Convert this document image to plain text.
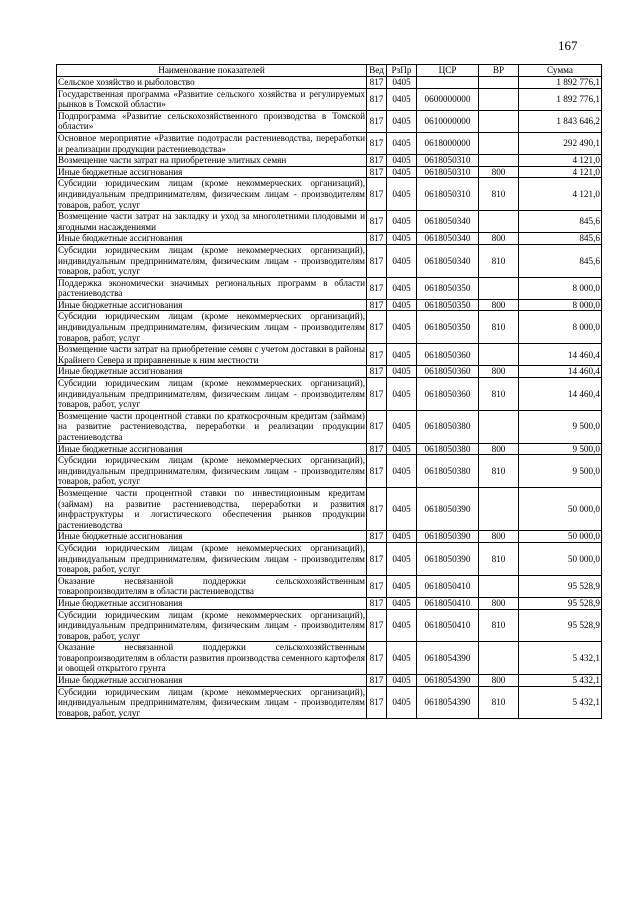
167
Наименование показателей	Вед	РзПр	ЦСР	ВР	Сумма
Сельское хозяйство и рыболовство	817	0405			1 892 776,1
Государственная программа «Развитие сельского хозяйства и регулируемых рынков в Томской области»	817	0405	0600000000		1 892 776,1
Подпрограмма «Развитие сельскохозяйственного производства в Томской области»	817	0405	0610000000		1 843 646,2
Основное мероприятие «Развитие подотрасли растениеводства, переработки и реализации продукции растениеводства»	817	0405	0618000000		292 490,1
Возмещение части затрат на приобретение элитных семян	817	0405	0618050310		4 121,0
Иные бюджетные ассигнования	817	0405	0618050310	800	4 121,0
Субсидии юридическим лицам (кроме некоммерческих организаций), индивидуальным предпринимателям, физическим лицам - производителям товаров, работ, услуг	817	0405	0618050310	810	4 121,0
Возмещение части затрат на закладку и уход за многолетними плодовыми и ягодными насаждениями	817	0405	0618050340		845,6
Иные бюджетные ассигнования	817	0405	0618050340	800	845,6
Субсидии юридическим лицам (кроме некоммерческих организаций), индивидуальным предпринимателям, физическим лицам - производителям товаров, работ, услуг	817	0405	0618050340	810	845,6
Поддержка экономически значимых региональных программ в области растениеводства	817	0405	0618050350		8 000,0
Иные бюджетные ассигнования	817	0405	0618050350	800	8 000,0
Субсидии юридическим лицам (кроме некоммерческих организаций), индивидуальным предпринимателям, физическим лицам - производителям товаров, работ, услуг	817	0405	0618050350	810	8 000,0
Возмещение части затрат на приобретение семян с учетом доставки в районы Крайнего Севера и приравненные к ним местности	817	0405	0618050360		14 460,4
Иные бюджетные ассигнования	817	0405	0618050360	800	14 460,4
Субсидии юридическим лицам (кроме некоммерческих организаций), индивидуальным предпринимателям, физическим лицам - производителям товаров, работ, услуг	817	0405	0618050360	810	14 460,4
Возмещение части процентной ставки по краткосрочным кредитам (займам) на развитие растениеводства, переработки и реализации продукции растениеводства	817	0405	0618050380		9 500,0
Иные бюджетные ассигнования	817	0405	0618050380	800	9 500,0
Субсидии юридическим лицам (кроме некоммерческих организаций), индивидуальным предпринимателям, физическим лицам - производителям товаров, работ, услуг	817	0405	0618050380	810	9 500,0
Возмещение части процентной ставки по инвестиционным кредитам (займам) на развитие растениеводства, переработки и развития инфраструктуры и логистического обеспечения рынков продукции растениеводства	817	0405	0618050390		50 000,0
Иные бюджетные ассигнования	817	0405	0618050390	800	50 000,0
Субсидии юридическим лицам (кроме некоммерческих организаций), индивидуальным предпринимателям, физическим лицам - производителям товаров, работ, услуг	817	0405	0618050390	810	50 000,0
Оказание несвязанной поддержки сельскохозяйственным товаропроизводителям в области растениеводства	817	0405	0618050410		95 528,9
Иные бюджетные ассигнования	817	0405	0618050410	800	95 528,9
Субсидии юридическим лицам (кроме некоммерческих организаций), индивидуальным предпринимателям, физическим лицам - производителям товаров, работ, услуг	817	0405	0618050410	810	95 528,9
Оказание несвязанной поддержки сельскохозяйственным товаропроизводителям в области развития производства семенного картофеля и овощей открытого грунта	817	0405	0618054390		5 432,1
Иные бюджетные ассигнования	817	0405	0618054390	800	5 432,1
Субсидии юридическим лицам (кроме некоммерческих организаций), индивидуальным предпринимателям, физическим лицам - производителям товаров, работ, услуг	817	0405	0618054390	810	5 432,1
